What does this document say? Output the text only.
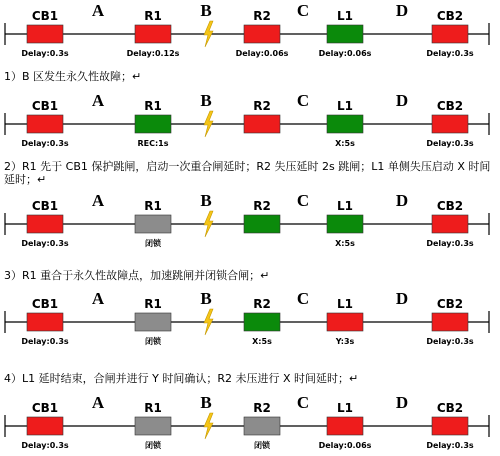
A	B	C	D
CB1
Delay:0.3s
R1
Delay:0.12s
R2
Delay:0.06s
L1
Delay:0.06s
CB2
Delay:0.3s
A	B	C	D
CB1
Delay:0.3s
R1
REC:1s
R2	L1
X:5s
CB2
Delay:0.3s
A	B	C	D
CB1
Delay:0.3s
R1
闭锁
R2	L1
X:5s
CB2
Delay:0.3s
A	B	C	D
CB1
Delay:0.3s
R1
闭锁
R2
X:5s
L1
Y:3s
CB2
Delay:0.3s
A	B	C	D
CB1
Delay:0.3s
R1
闭锁
R2
闭锁
L1
Delay:0.06s
CB2
Delay:0.3s
1）B 区发生永久性故障；↵
2）R1 先于 CB1 保护跳闸，启动一次重合闸延时；R2 失压延时 2s 跳闸；L1 单侧失压启动 X 时间延时；↵
3）R1 重合于永久性故障点，加速跳闸并闭锁合闸；↵
4）L1 延时结束，合闸并进行 Y 时间确认；R2 未压进行 X 时间延时；↵
